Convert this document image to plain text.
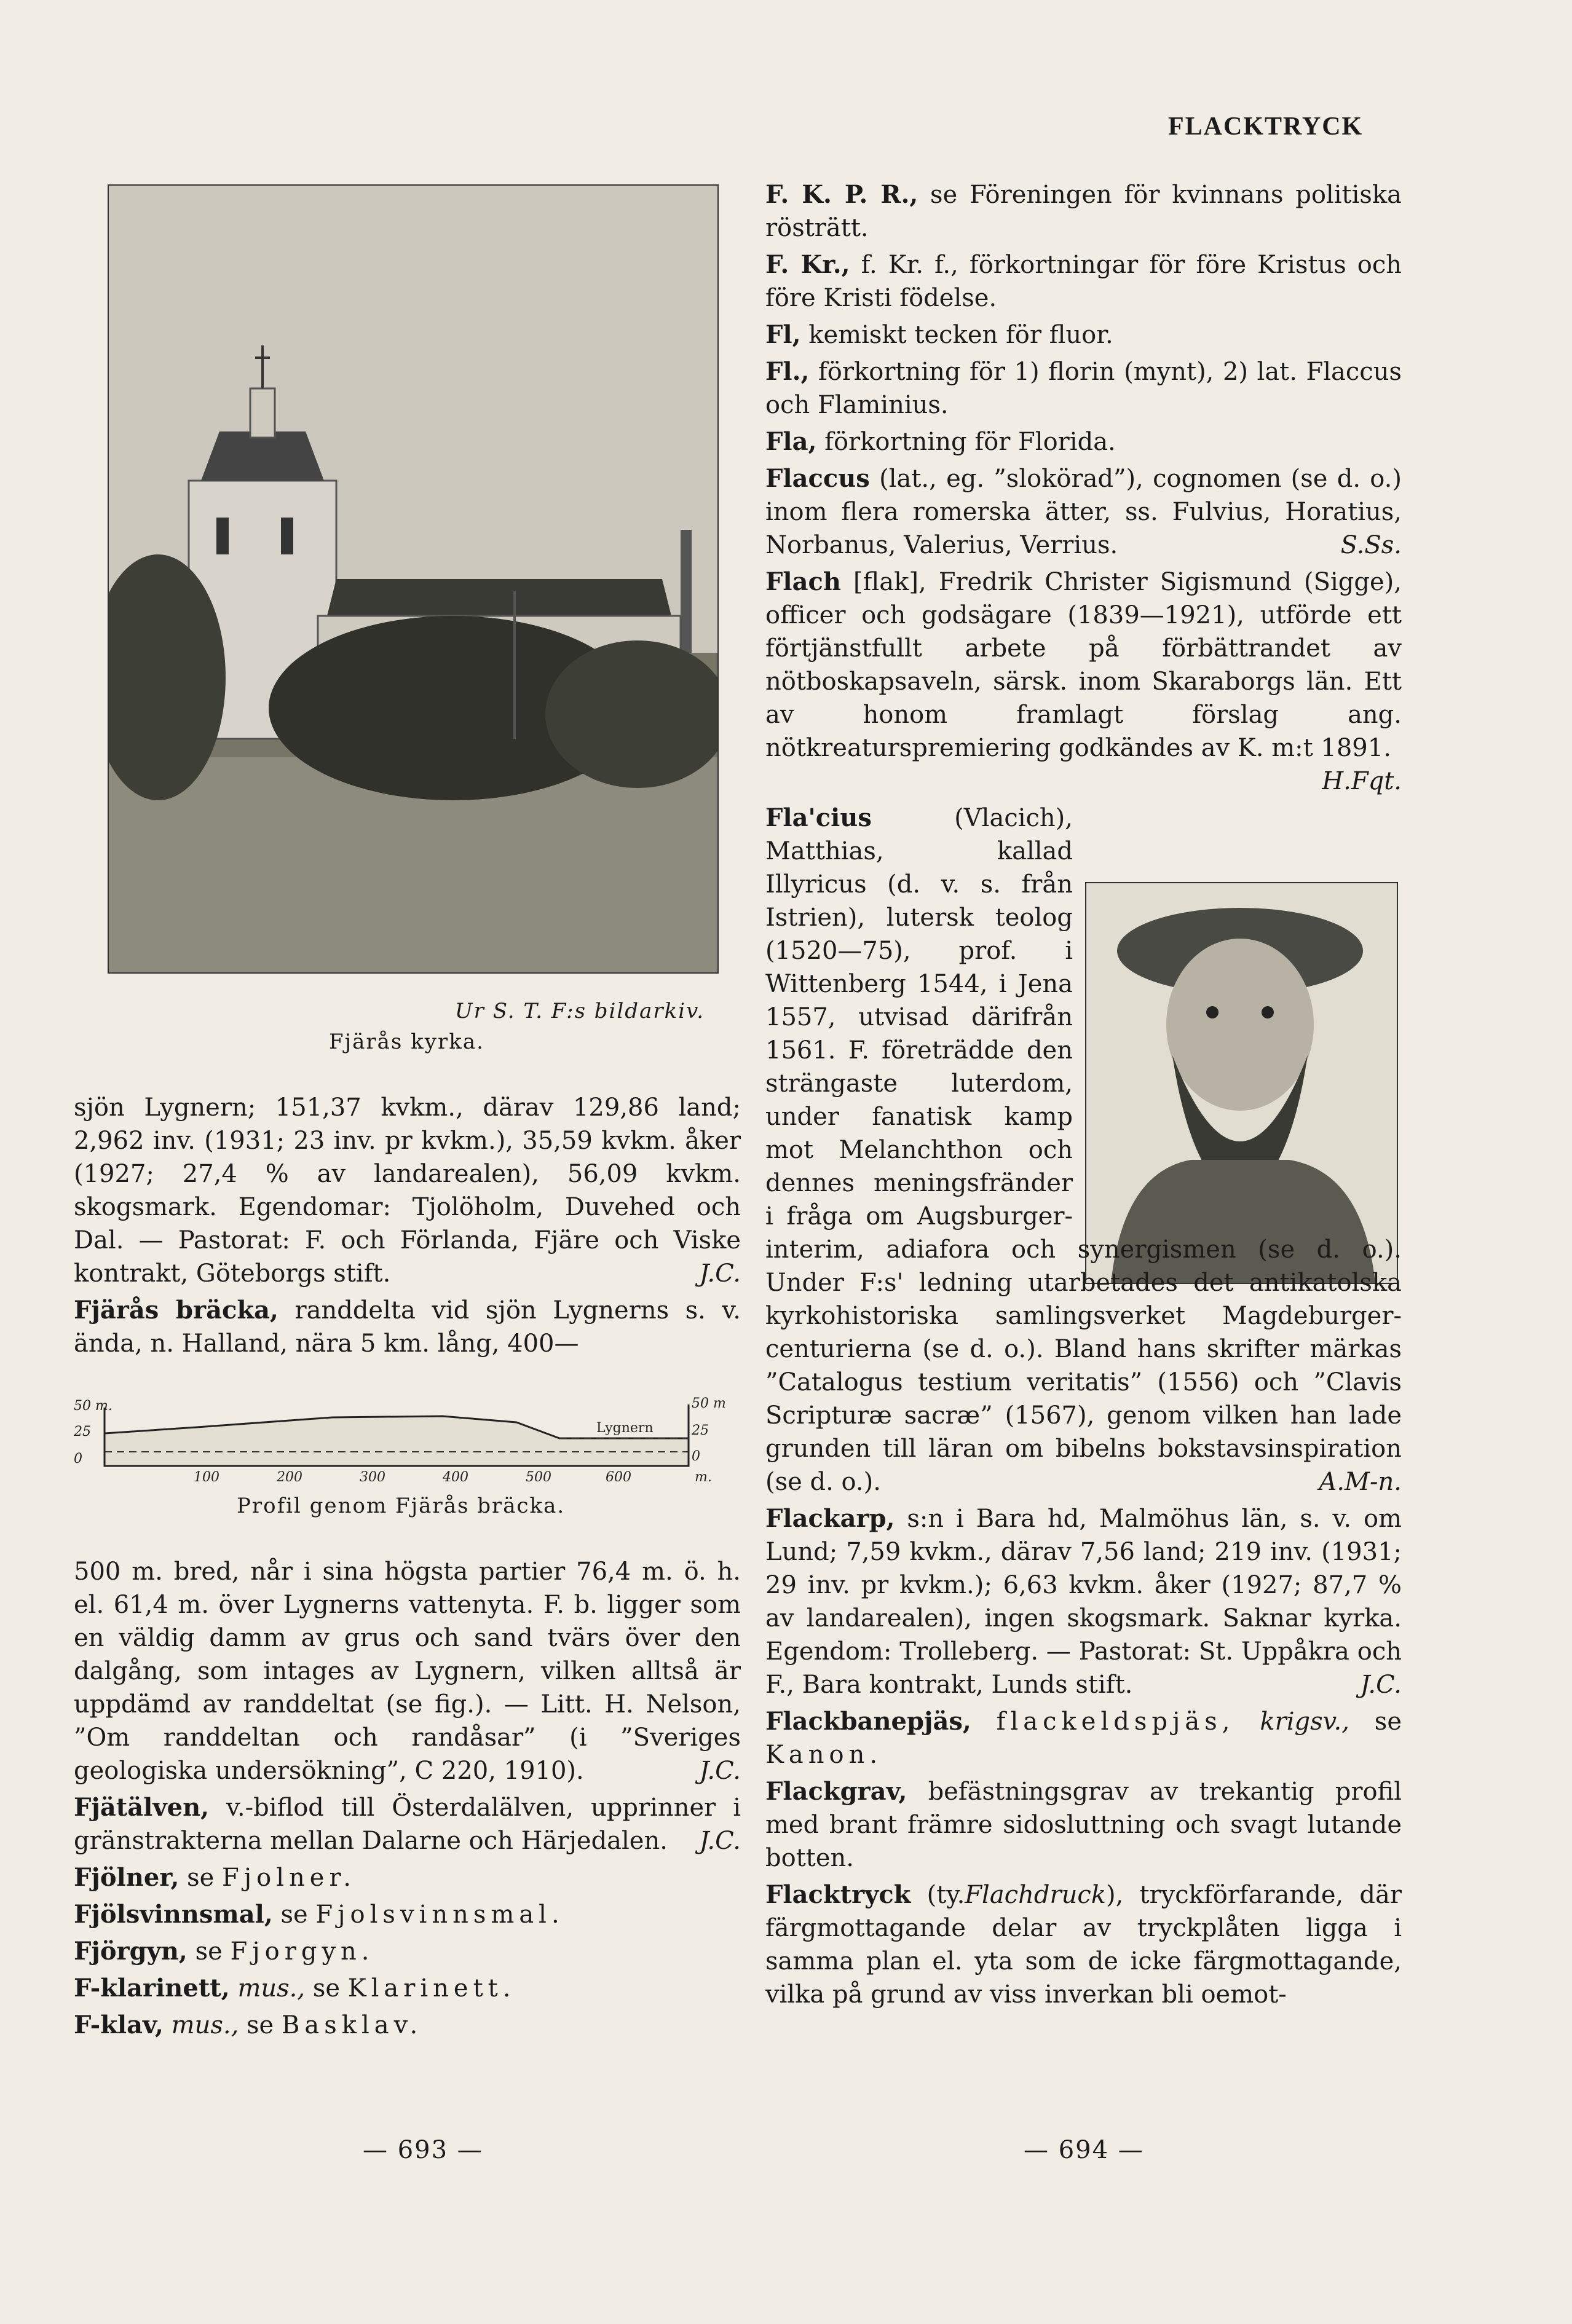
FLACKTRYCK
Ur S. T. F:s bildarkiv.
Fjärås kyrka.

sjön Lygnern; 151,37 kvkm., därav 129,86 land; 2,962 inv. (1931; 23 inv. pr kvkm.), 35,59 kvkm. åker (1927; 27,4 % av landarealen), 56,09 kvkm. skogsmark. Egendomar: Tjolöholm, Duvehed och Dal. — Pastorat: F. och Förlanda, Fjäre och Viske kontrakt, Göteborgs stift.	J.C.

Fjärås bräcka, randdelta vid sjön Lygnerns s. v. ända, n. Halland, nära 5 km. lång, 400—

50 m.
25
0
50 m
25
0
100	200	300	400	500	600	m.
Lygnern
Profil genom Fjärås bräcka.

500 m. bred, når i sina högsta partier 76,4 m. ö. h. el. 61,4 m. över Lygnerns vattenyta. F. b. ligger som en väldig damm av grus och sand tvärs över den dalgång, som intages av Lygnern, vilken alltså är uppdämd av randdeltat (se fig.). — Litt. H. Nelson, ”Om randdeltan och randåsar” (i ”Sveriges geologiska undersökning”, C 220, 1910).	J.C.

Fjätälven, v.-biflod till Österdalälven, upprinner i gränstrakterna mellan Dalarne och Härjedalen. J.C.

Fjölner, se Fjolner.

Fjölsvinnsmal, se Fjolsvinnsmal.

Fjörgyn, se Fjorgyn.

F-klarinett, mus., se Klarinett.

F-klav, mus., se Basklav.

F. K. P. R., se Föreningen för kvinnans politiska rösträtt.

F. Kr., f. Kr. f., förkortningar för före Kristus och före Kristi födelse.

Fl, kemiskt tecken för fluor.

Fl., förkortning för 1) florin (mynt), 2) lat. Flaccus och Flaminius.

Fla, förkortning för Florida.

Flaccus (lat., eg. ”slokörad”), cognomen (se d. o.) inom flera romerska ätter, ss. Fulvius, Horatius, Norbanus, Valerius, Verrius.	S.Ss.

Flach [flak], Fredrik Christer Sigismund (Sigge), officer och godsägare (1839—1921), utförde ett förtjänstfullt arbete på förbättrandet av nötboskapsaveln, särsk. inom Skaraborgs län. Ett av honom framlagt förslag ang. nötkreaturspremiering godkändes av K. m:t 1891.
H.Fqt.

Fla'cius	(Vlacich), Matthias, kallad Illyricus (d. v. s. från Istrien), lutersk teolog (1520—75), prof. i Wittenberg 1544, i Jena 1557, utvisad därifrån 1561. F. företrädde den strängaste luterdom, under fanatisk kamp mot Melanchthon och dennes meningsfränder i fråga om Augsburger-interim, adiafora och synergismen (se d. o.). Under F:s' ledning utarbetades det antikatolska kyrkohistoriska samlingsverket Magdeburger-centurierna (se d. o.). Bland hans skrifter märkas ”Catalogus testium veritatis” (1556) och ”Clavis Scripturæ sacræ” (1567), genom vilken han lade grunden till läran om bibelns bokstavsinspiration (se d. o.).	A.M-n.

Flackarp, s:n i Bara hd, Malmöhus län, s. v. om Lund; 7,59 kvkm., därav 7,56 land; 219 inv. (1931; 29 inv. pr kvkm.); 6,63 kvkm. åker (1927; 87,7 % av landarealen), ingen skogsmark. Saknar kyrka. Egendom: Trolleberg. — Pastorat: St. Uppåkra och F., Bara kontrakt, Lunds stift.	J.C.

Flackbanepjäs, flackeldspjäs, krigsv., se Kanon.

Flackgrav, befästningsgrav av trekantig profil med brant främre sidosluttning och svagt lutande botten.

Flacktryck (ty.Flachdruck), tryckförfarande, där färgmottagande delar av tryckplåten ligga i samma plan el. yta som de icke färgmottagande, vilka på grund av viss inverkan bli oemot-

— 693 —	— 694 —
